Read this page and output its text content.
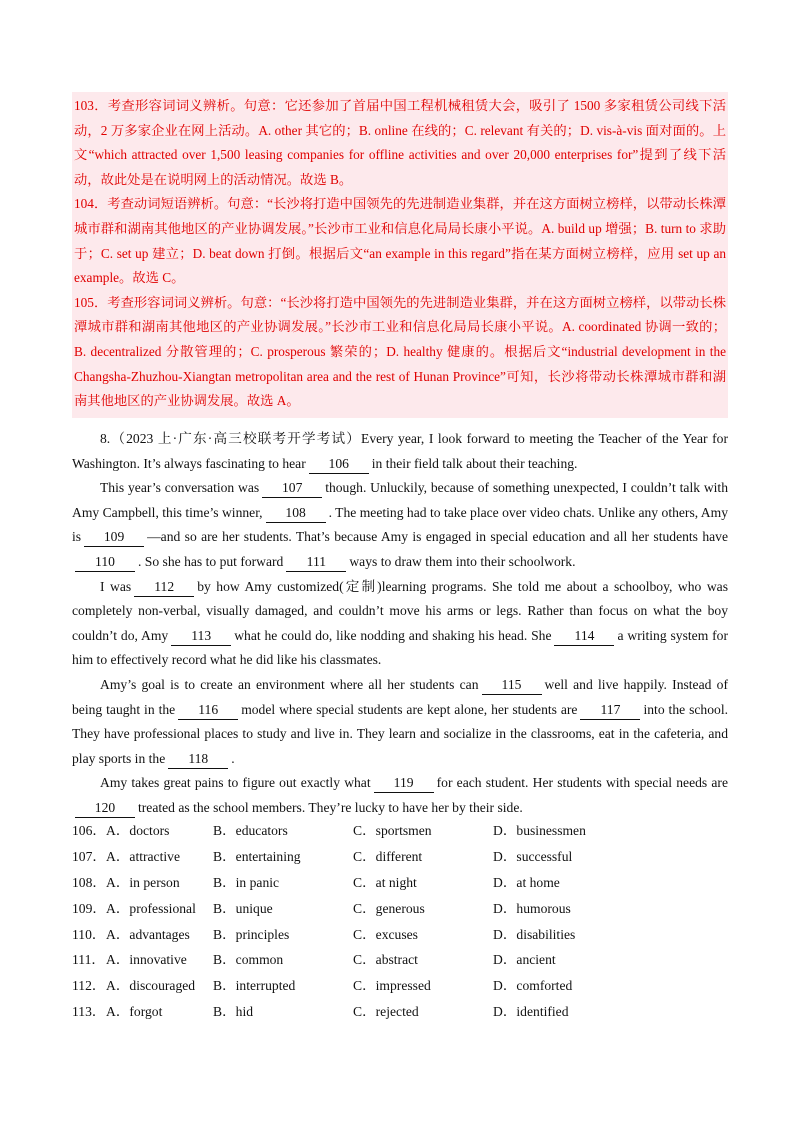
103．考查形容词词义辨析。句意：它还参加了首届中国工程机械租赁大会，吸引了 1500 多家租赁公司线下活动，2 万多家企业在网上活动。A. other 其它的；B. online 在线的；C. relevant 有关的；D. vis-à-vis 面对面的。上文“which attracted over 1,500 leasing companies for offline activities and over 20,000 enterprises for”提到了线下活动，故此处是在说明网上的活动情况。故选 B。

104．考查动词短语辨析。句意：“长沙将打造中国领先的先进制造业集群，并在这方面树立榜样，以带动长株潭城市群和湖南其他地区的产业协调发展。”长沙市工业和信息化局局长康小平说。A. build up 增强；B. turn to 求助于；C. set up 建立；D. beat down 打倒。根据后文“an example in this regard”指在某方面树立榜样，应用 set up an example。故选 C。

105．考查形容词词义辨析。句意：“长沙将打造中国领先的先进制造业集群，并在这方面树立榜样，以带动长株潭城市群和湖南其他地区的产业协调发展。”长沙市工业和信息化局局长康小平说。A. coordinated 协调一致的；B. decentralized 分散管理的；C. prosperous 繁荣的；D. healthy 健康的。根据后文“industrial development in the Changsha-Zhuzhou-Xiangtan metropolitan area and the rest of Hunan Province”可知，长沙将带动长株潭城市群和湖南其他地区的产业协调发展。故选 A。

8.（2023 上·广东·高三校联考开学考试）Every year, I look forward to meeting the Teacher of the Year for Washington. It’s always fascinating to hear 106 in their field talk about their teaching.

This year’s conversation was 107 though. Unluckily, because of something unexpected, I couldn’t talk with Amy Campbell, this time’s winner, 108 . The meeting had to take place over video chats. Unlike any others, Amy is 109 —and so are her students. That’s because Amy is engaged in special education and all her students have110 . So she has to put forward 111 ways to draw them into their schoolwork.

I was 112 by how Amy customized(定制)learning programs. She told me about a schoolboy, who was completely non-verbal, visually damaged, and couldn’t move his arms or legs. Rather than focus on what the boy couldn’t do, Amy 113 what he could do, like nodding and shaking his head. She 114 a writing system for him to effectively record what he did like his classmates.

Amy’s goal is to create an environment where all her students can 115 well and live happily. Instead of being taught in the 116 model where special students are kept alone, her students are 117 into the school. They have professional places to study and live in. They learn and socialize in the classrooms, eat in the cafeteria, and play sports in the 118 .

Amy takes great pains to figure out exactly what 119 for each student. Her students with special needs are120 treated as the school members. They’re lucky to have her by their side.

106． A．doctors	B．educators	C．sportsmen	D．businessmen
107． A．attractive B．entertaining	C．different	D．successful
108． A．in person B．in panic	C．at night	D．at home
109． A．professional B．unique	C．generous	D．humorous
110． A．advantages B．principles	C．excuses	D．disabilities
111． A．innovative B．common	C．abstract	D．ancient
112． A．discouraged B．interrupted	C．impressed	D．comforted
113． A．forgot	B．hid	C．rejected	D．identified
